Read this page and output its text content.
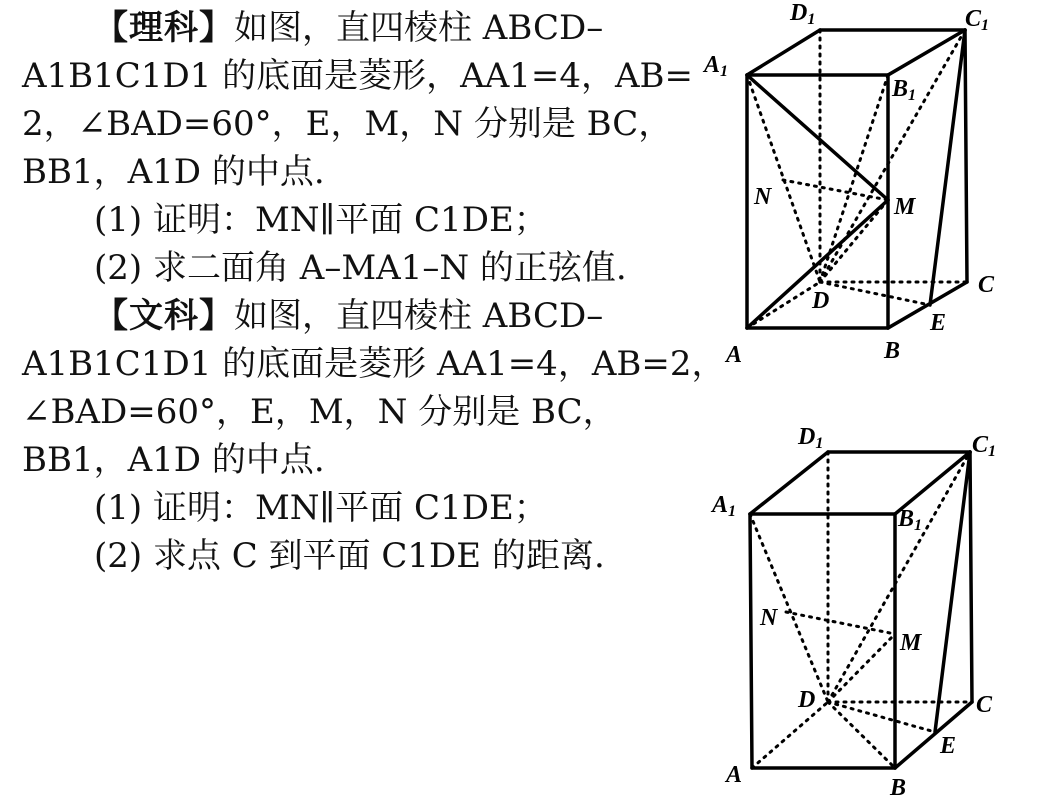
【理科】如图，直四棱柱 ABCD–
A1B1C1D1 的底面是菱形，AA1=4，AB=
2，∠BAD=60°，E，M，N 分别是 BC，
BB1，A1D 的中点.
(1) 证明：MN∥平面 C1DE；
(2) 求二面角 A–MA1–N 的正弦值.
【文科】如图，直四棱柱 ABCD–
A1B1C1D1 的底面是菱形 AA1=4，AB=2，
∠BAD=60°，E，M，N 分别是 BC，
BB1，A1D 的中点.
(1) 证明：MN∥平面 C1DE；
(2) 求点 C 到平面 C1DE 的距离.
D1	C1
A1
B1
N	M
D
C
E
A	B
D1	C1
A1	B1
N
M
D	C
E
A	B
